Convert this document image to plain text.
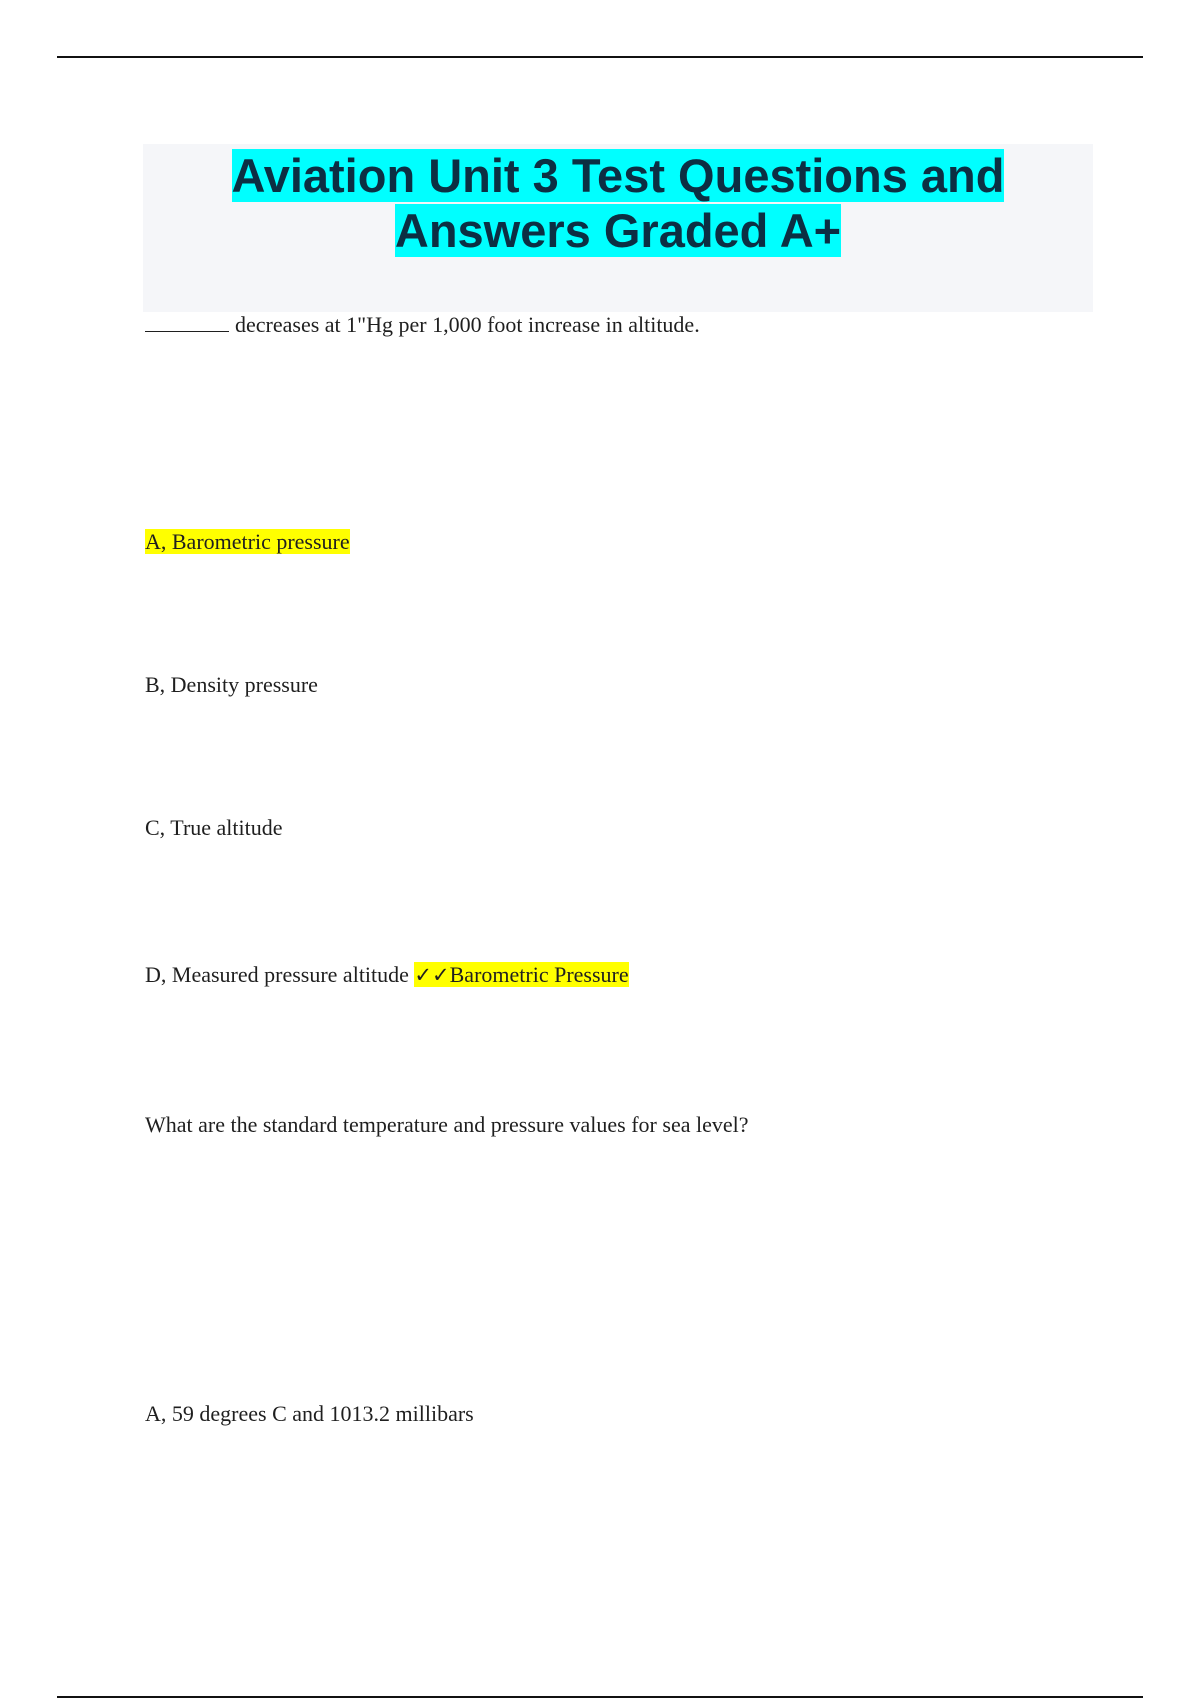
Aviation Unit 3 Test Questions and Answers Graded A+

decreases at 1"Hg per 1,000 foot increase in altitude.

A, Barometric pressure

B, Density pressure

C, True altitude

D, Measured pressure altitude ✓✓Barometric Pressure

What are the standard temperature and pressure values for sea level?

A, 59 degrees C and 1013.2 millibars
